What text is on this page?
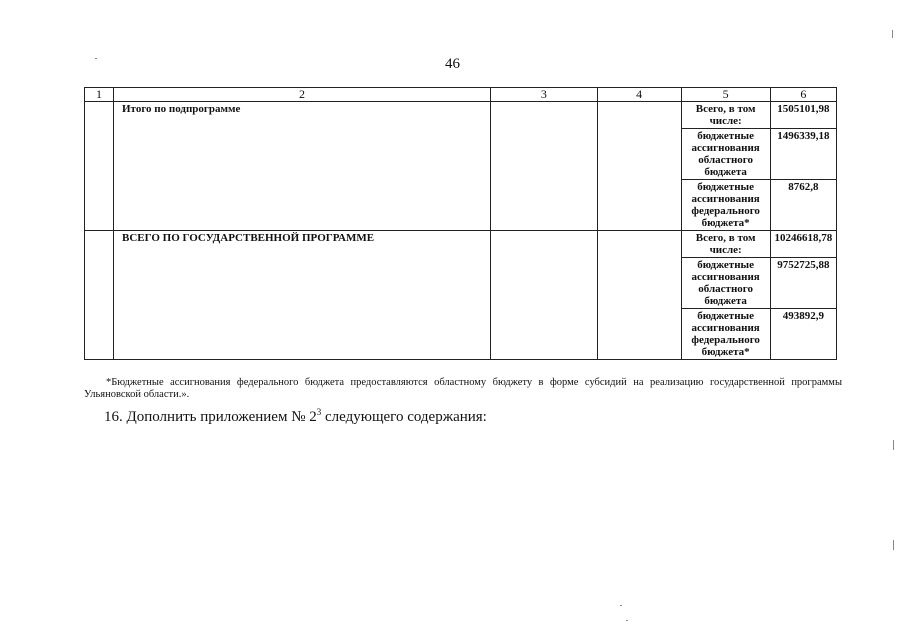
46
1	2	3	4	5	6
	Итого по подпрограмме			Всего, в том числе:	1505101,98
				бюджетные ассигнования областного бюджета	1496339,18
				бюджетные ассигнования федерального бюджета*	8762,8
	ВСЕГО ПО ГОСУДАРСТВЕННОЙ ПРОГРАММЕ			Всего, в том числе:	10246618,78
				бюджетные ассигнования областного бюджета	9752725,88
				бюджетные ассигнования федерального бюджета*	493892,9
*Бюджетные ассигнования федерального бюджета предоставляются областному бюджету в форме субсидий на реализацию государственной программы Ульяновской области.».
16. Дополнить приложением № $2^3$ следующего содержания:
